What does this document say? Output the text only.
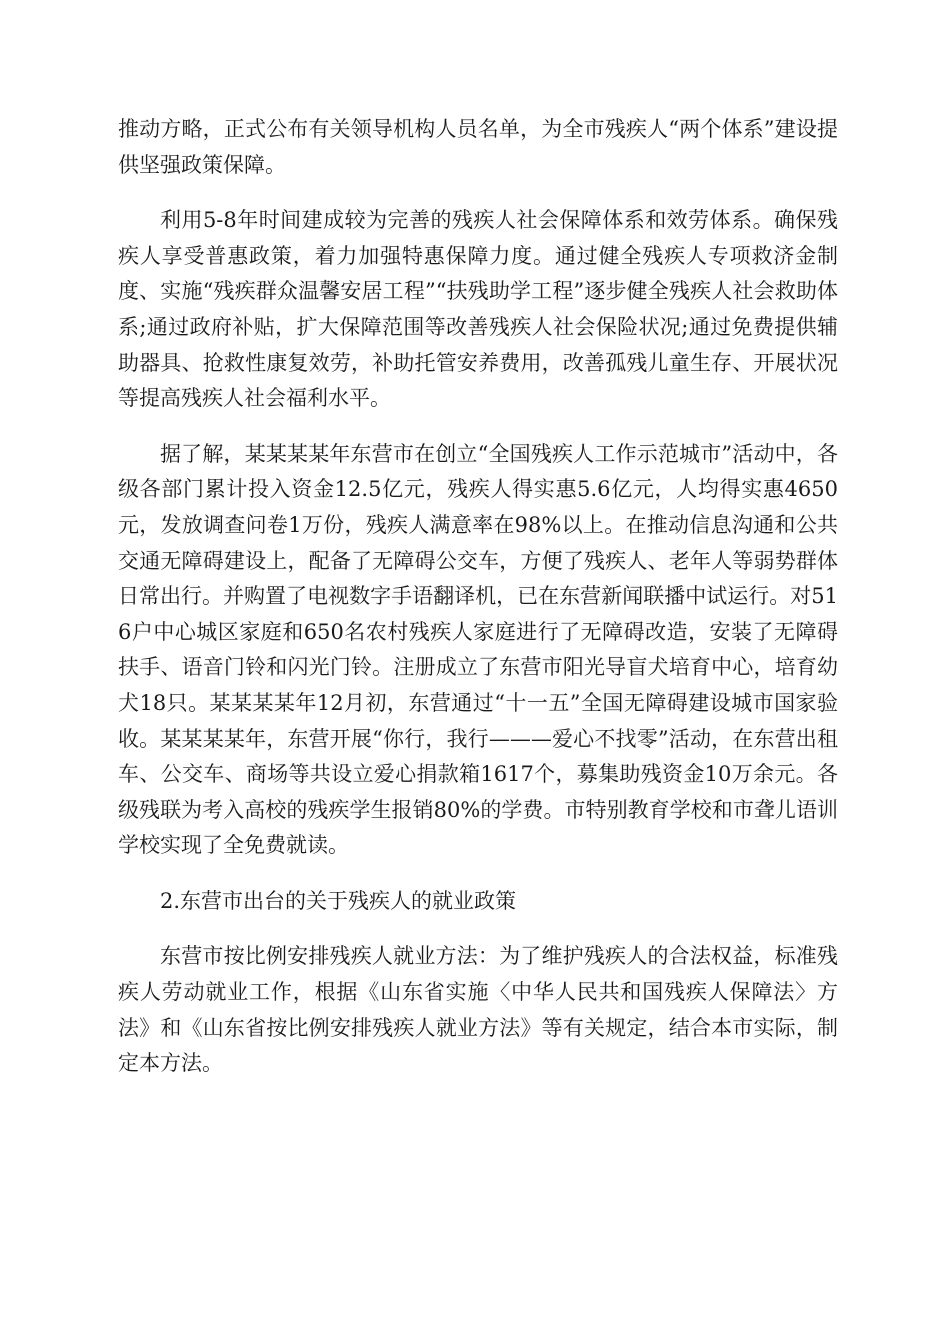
推动方略，正式公布有关领导机构人员名单，为全市残疾人“两个体系”建设提供坚强政策保障。

利用5-8年时间建成较为完善的残疾人社会保障体系和效劳体系。确保残疾人享受普惠政策，着力加强特惠保障力度。通过健全残疾人专项救济金制度、实施“残疾群众温馨安居工程”“扶残助学工程”逐步健全残疾人社会救助体系;通过政府补贴，扩大保障范围等改善残疾人社会保险状况;通过免费提供辅助器具、抢救性康复效劳，补助托管安养费用，改善孤残儿童生存、开展状况等提高残疾人社会福利水平。

据了解，某某某某年东营市在创立“全国残疾人工作示范城市”活动中，各级各部门累计投入资金12.5亿元，残疾人得实惠5.6亿元，人均得实惠4650元，发放调查问卷1万份，残疾人满意率在98%以上。在推动信息沟通和公共交通无障碍建设上，配备了无障碍公交车，方便了残疾人、老年人等弱势群体日常出行。并购置了电视数字手语翻译机，已在东营新闻联播中试运行。对516户中心城区家庭和650名农村残疾人家庭进行了无障碍改造，安装了无障碍扶手、语音门铃和闪光门铃。注册成立了东营市阳光导盲犬培育中心，培育幼犬18只。某某某某年12月初，东营通过“十一五”全国无障碍建设城市国家验收。某某某某年，东营开展“你行，我行———爱心不找零”活动，在东营出租车、公交车、商场等共设立爱心捐款箱1617个，募集助残资金10万余元。各级残联为考入高校的残疾学生报销80%的学费。市特别教育学校和市聋儿语训学校实现了全免费就读。

2.东营市出台的关于残疾人的就业政策

东营市按比例安排残疾人就业方法：为了维护残疾人的合法权益，标准残疾人劳动就业工作，根据《山东省实施〈中华人民共和国残疾人保障法〉方法》和《山东省按比例安排残疾人就业方法》等有关规定，结合本市实际，制定本方法。
